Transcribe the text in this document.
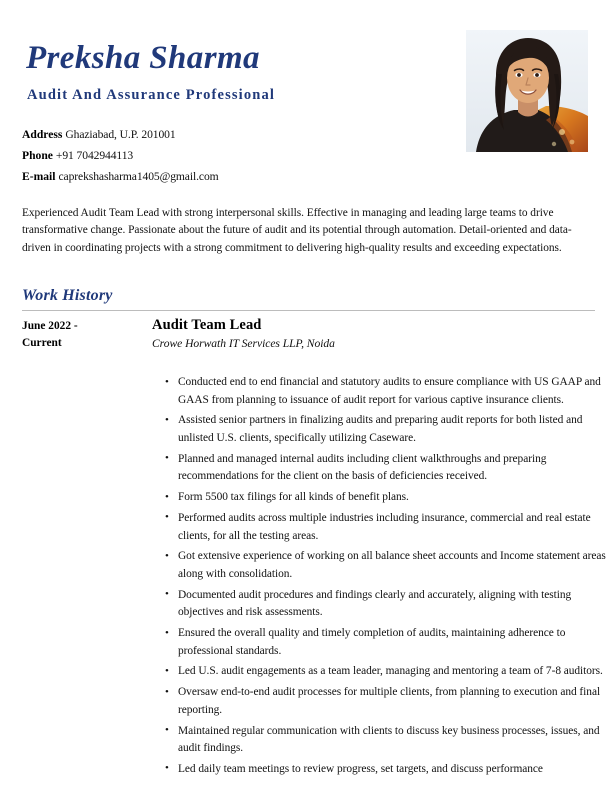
Preksha Sharma
Audit And Assurance Professional
Address Ghaziabad, U.P. 201001
Phone +91 7042944113
E-mail caprekshasharma1405@gmail.com
Experienced Audit Team Lead with strong interpersonal skills. Effective in managing and leading large teams to drive transformative change. Passionate about the future of audit and its potential through automation. Detail-oriented and data-driven in coordinating projects with a strong commitment to delivering high-quality results and exceeding expectations.
Work History
June 2022 -
Current
Audit Team Lead
Crowe Horwath IT Services LLP, Noida
• Conducted end to end financial and statutory audits to ensure compliance with US GAAP and GAAS from planning to issuance of audit report for various captive insurance clients.
• Assisted senior partners in finalizing audits and preparing audit reports for both listed and unlisted U.S. clients, specifically utilizing Caseware.
• Planned and managed internal audits including client walkthroughs and preparing recommendations for the client on the basis of deficiencies received.
• Form 5500 tax filings for all kinds of benefit plans.
• Performed audits across multiple industries including insurance, commercial and real estate clients, for all the testing areas.
• Got extensive experience of working on all balance sheet accounts and Income statement areas along with consolidation.
• Documented audit procedures and findings clearly and accurately, aligning with testing objectives and risk assessments.
• Ensured the overall quality and timely completion of audits, maintaining adherence to professional standards.
• Led U.S. audit engagements as a team leader, managing and mentoring a team of 7-8 auditors.
• Oversaw end-to-end audit processes for multiple clients, from planning to execution and final reporting.
• Maintained regular communication with clients to discuss key business processes, issues, and audit findings.
• Led daily team meetings to review progress, set targets, and discuss performance
